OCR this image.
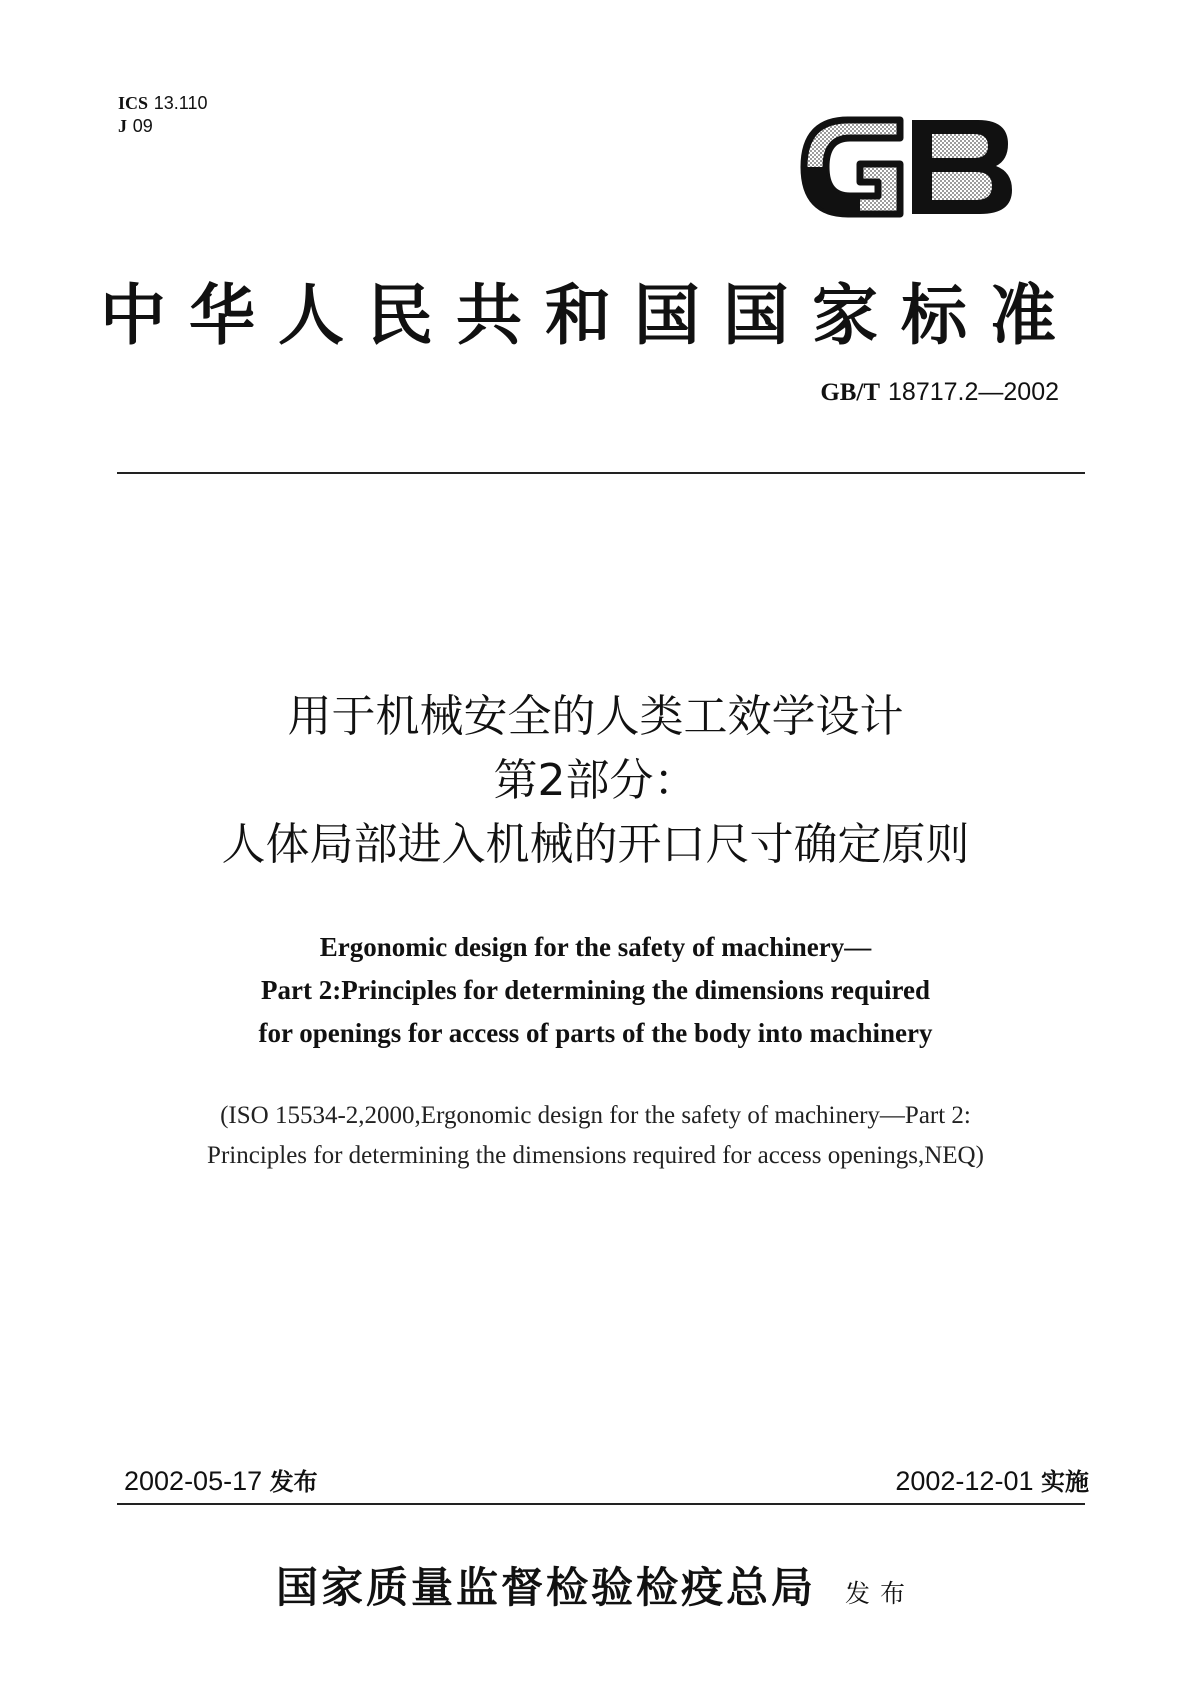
ICS 13.110
J 09
中华人民共和国国家标准
GB/T 18717.2—2002
用于机械安全的人类工效学设计
第2部分：
人体局部进入机械的开口尺寸确定原则
Ergonomic design for the safety of machinery—
Part 2:Principles for determining the dimensions required
for openings for access of parts of the body into machinery
(ISO 15534-2,2000,Ergonomic design for the safety of machinery—Part 2:
Principles for determining the dimensions required for access openings,NEQ)
2002-05-17 发布	2002-12-01 实施
国家质量监督检验检疫总局 发布
